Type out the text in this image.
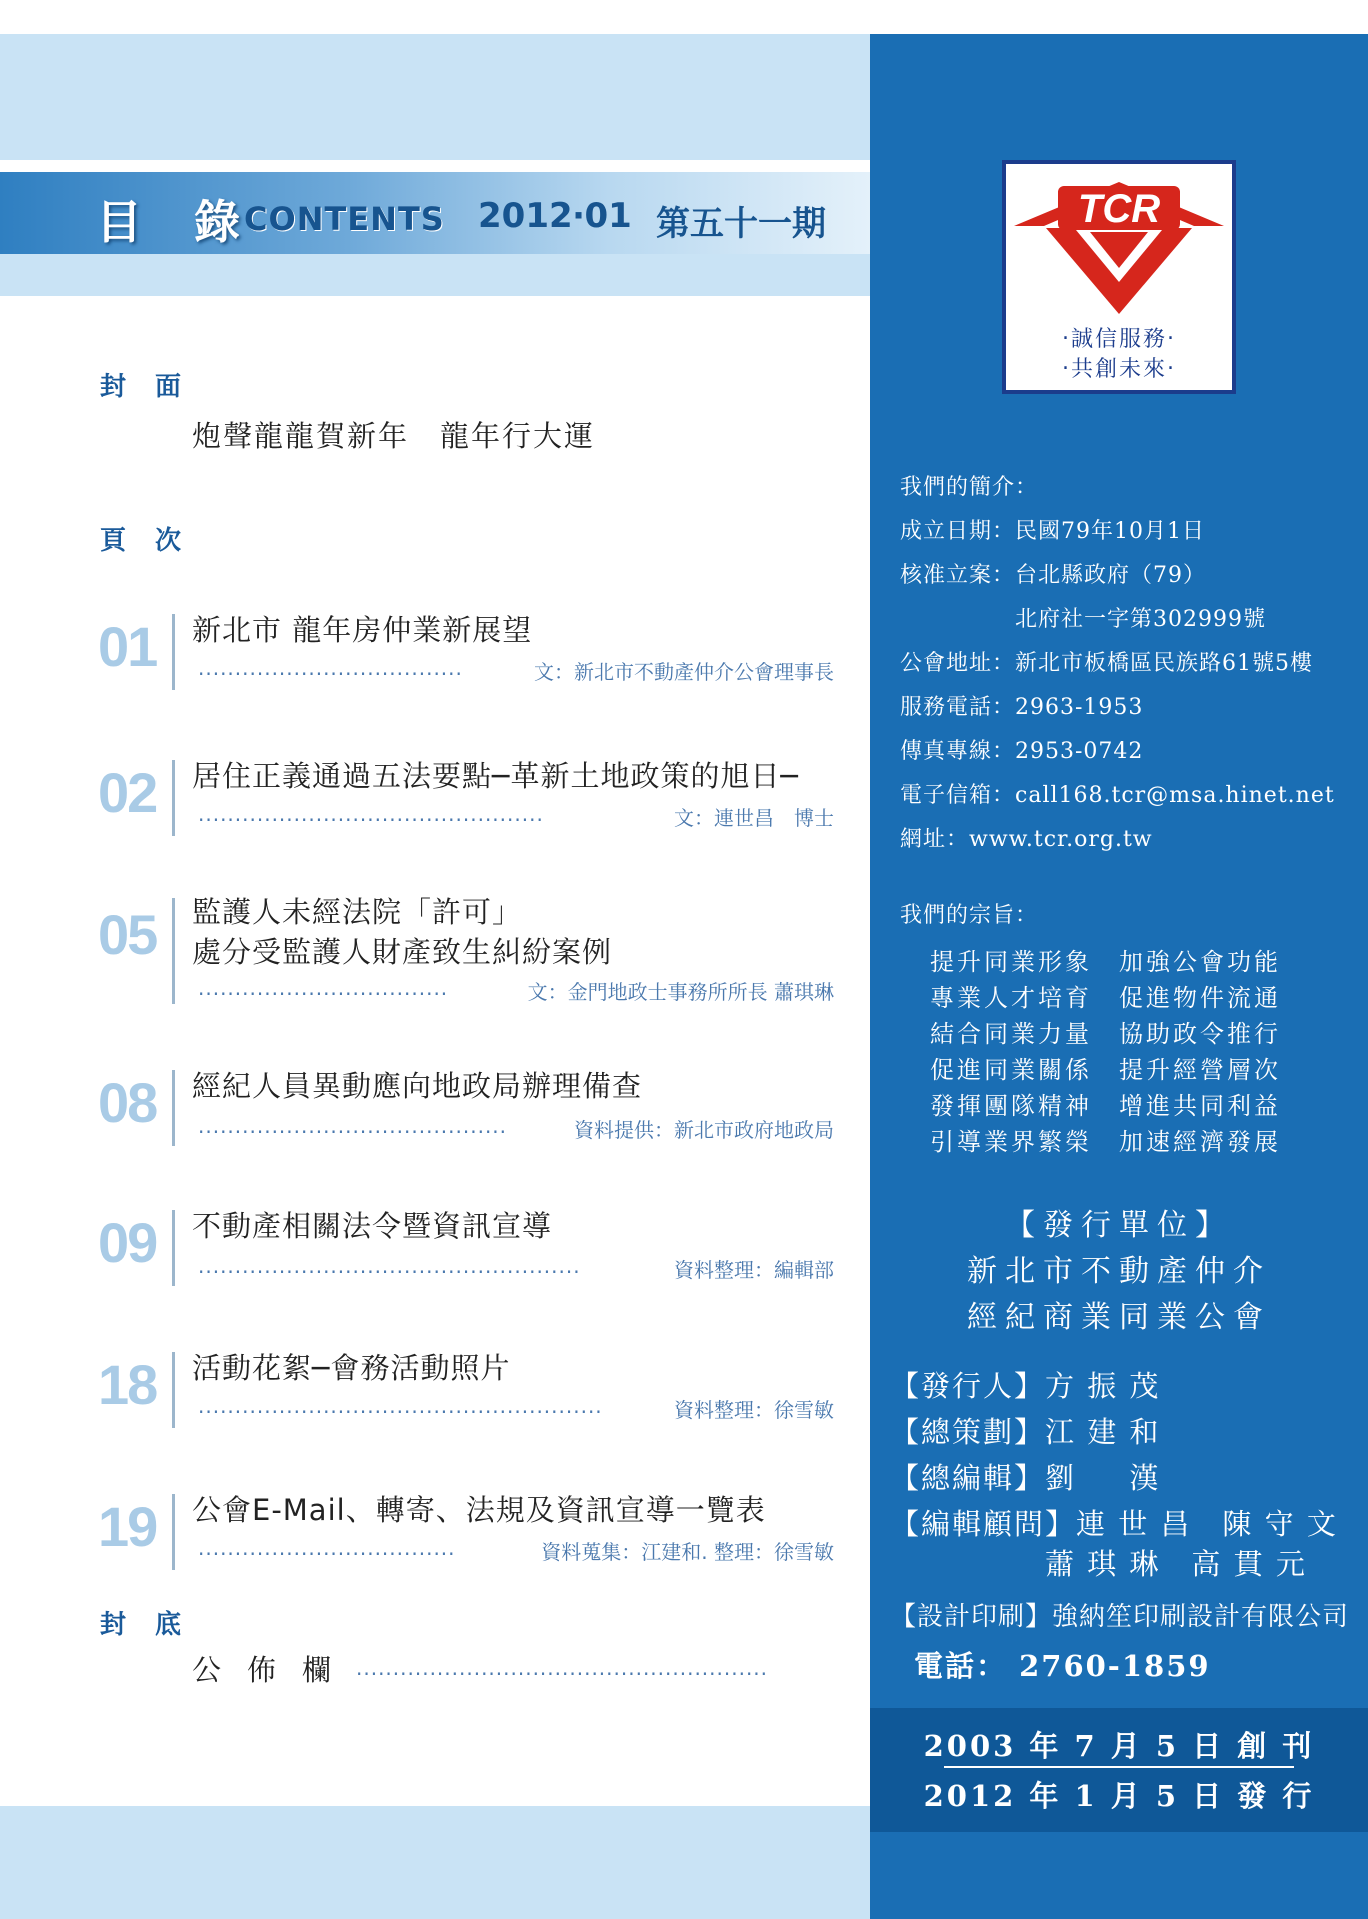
目 錄
CONTENTS 2012‧01 第五十一期
封 面
炮聲龍龍賀新年　龍年行大運
頁 次
01 新北市 龍年房仲業新展望
....................................	文：新北市不動產仲介公會理事長
02 居住正義通過五法要點─革新土地政策的旭日─
...............................................	文：連世昌　博士
05 監護人未經法院「許可」
處分受監護人財產致生糾紛案例
..................................	文：金門地政士事務所所長 蕭琪琳
08 經紀人員異動應向地政局辦理備查
..........................................	資料提供：新北市政府地政局
09 不動產相關法令暨資訊宣導
....................................................	資料整理：編輯部
18 活動花絮─會務活動照片
.......................................................	資料整理：徐雪敏
19 公會E-Mail、轉寄、法規及資訊宣導一覽表
...................................	資料蒐集：江建和. 整理：徐雪敏
封 底
公佈欄
........................................................
TCR
‧誠信服務‧
‧共創未來‧
我們的簡介：
成立日期：民國79年10月1日
核准立案：台北縣政府（79）
　　　　　北府社一字第302999號
公會地址：新北市板橋區民族路61號5樓
服務電話：2963-1953
傳真專線：2953-0742
電子信箱：call168.tcr@msa.hinet.net
網址：www.tcr.org.tw
我們的宗旨：
提升同業形象　加強公會功能
專業人才培育　促進物件流通
結合同業力量　協助政令推行
促進同業關係　提升經營層次
發揮團隊精神　增進共同利益
引導業界繁榮　加速經濟發展
【發行單位】
新北市不動產仲介
經紀商業同業公會
【發行人】方 振 茂
【總策劃】江 建 和
【總編輯】劉 　 漢
【編輯顧問】連 世 昌　陳 守 文
　　　　　蕭 琪 琳　高 貫 元
【設計印刷】強納笙印刷設計有限公司
電話： 2760-1859
2003 年 7 月 5 日 創 刊
2012 年 1 月 5 日 發 行
